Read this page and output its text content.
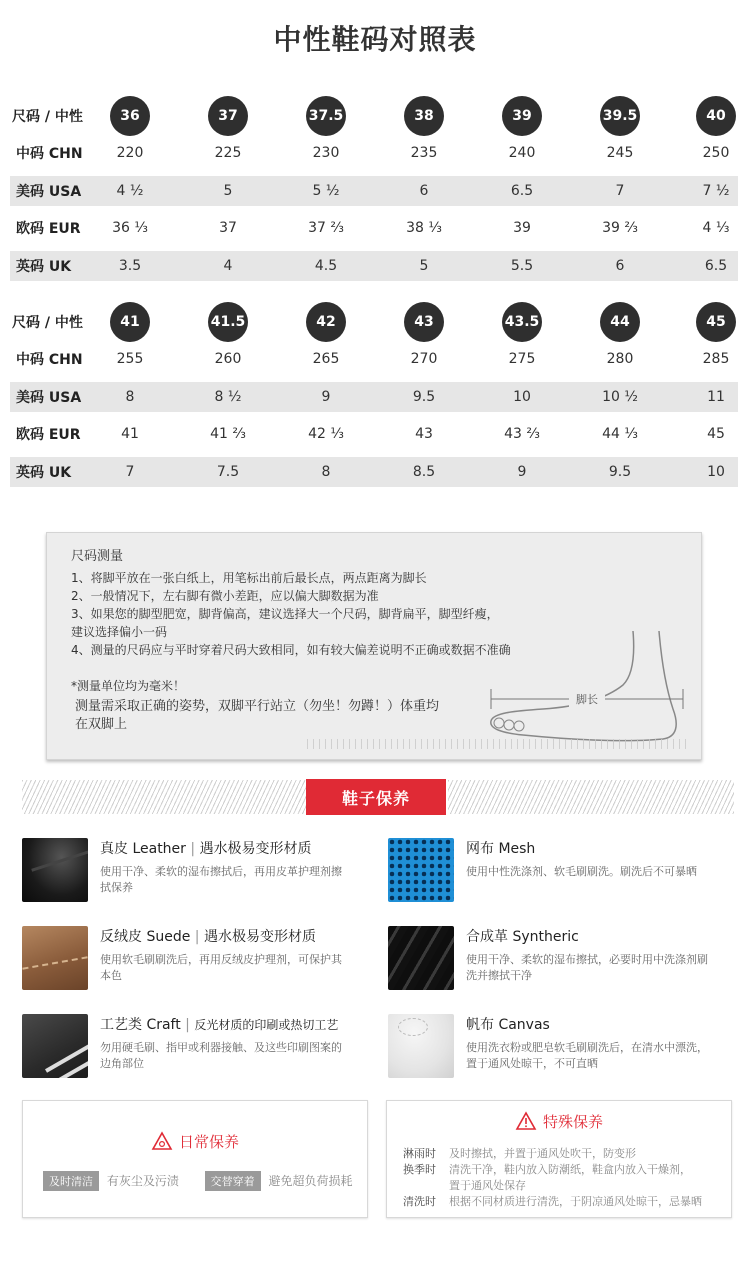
中性鞋码对照表
尺码 / 中性	36	37	37.5	38	39	39.5	40
中码 CHN	220	225	230	235	240	245	250
美码 USA	4 ½	5	5 ½	6	6.5	7	7 ½
欧码 EUR	36 ⅓	37	37 ⅔	38 ⅓	39	39 ⅔	4 ⅓
英码 UK	3.5	4	4.5	5	5.5	6	6.5
尺码 / 中性	41	41.5	42	43	43.5	44	45
中码 CHN	255	260	265	270	275	280	285
美码 USA	8	8 ½	9	9.5	10	10 ½	11
欧码 EUR	41	41 ⅔	42 ⅓	43	43 ⅔	44 ⅓	45
英码 UK	7	7.5	8	8.5	9	9.5	10
尺码测量
1、将脚平放在一张白纸上，用笔标出前后最长点，两点距离为脚长
2、一般情况下，左右脚有微小差距，应以偏大脚数据为准
3、如果您的脚型肥宽，脚背偏高，建议选择大一个尺码，脚背扁平，脚型纤瘦，
建议选择偏小一码
4、测量的尺码应与平时穿着尺码大致相同，如有较大偏差说明不正确或数据不准确
*测量单位均为毫米！
测量需采取正确的姿势，双脚平行站立（勿坐！勿蹲！）体重均
在双脚上
脚长
鞋子保养
真皮 Leather | 遇水极易变形材质
使用干净、柔软的湿布擦拭后，再用皮革护理剂擦拭保养
网布 Mesh
使用中性洗涤剂、软毛刷刷洗。刷洗后不可暴晒
反绒皮 Suede | 遇水极易变形材质
使用软毛刷刷洗后，再用反绒皮护理剂，可保护其本色
合成革 Syntheric
使用干净、柔软的湿布擦拭，必要时用中洗涤剂刷洗并擦拭干净
工艺类 Craft | 反光材质的印刷或热切工艺
勿用硬毛刷、指甲或利器接触、及这些印刷图案的边角部位
帆布 Canvas
使用洗衣粉或肥皂软毛刷刷洗后，在清水中漂洗，置于通风处晾干，不可直晒
日常保养
及时清洁 有灰尘及污渍	交替穿着 避免超负荷损耗
特殊保养
淋雨时 及时擦拭，并置于通风处吹干，防变形
换季时 清洗干净，鞋内放入防潮纸，鞋盒内放入干燥剂，
置于通风处保存
清洗时 根据不同材质进行清洗，于阴凉通风处晾干，忌暴晒
